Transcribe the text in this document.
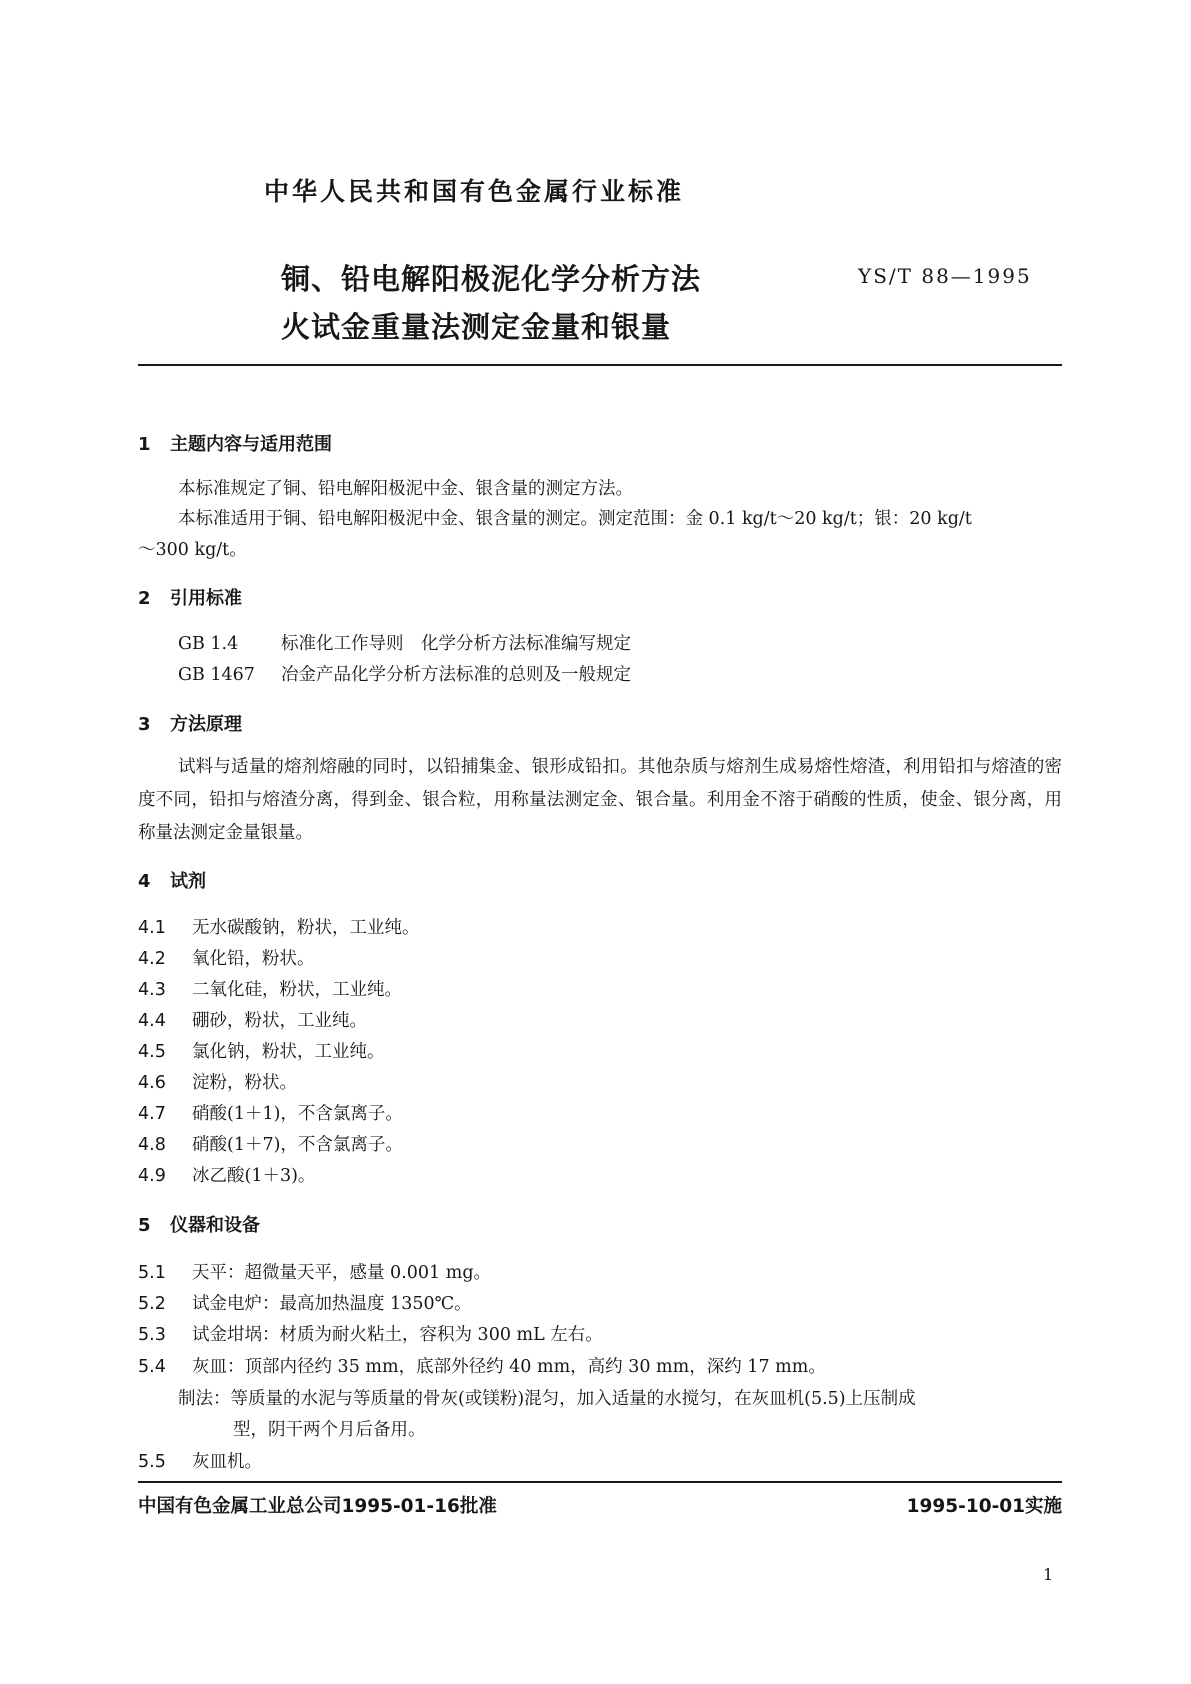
中华人民共和国有色金属行业标准
铜、铅电解阳极泥化学分析方法
火试金重量法测定金量和银量
YS/T 88—1995
1 主题内容与适用范围
本标准规定了铜、铅电解阳极泥中金、银含量的测定方法。
本标准适用于铜、铅电解阳极泥中金、银含量的测定。测定范围：金 0.1 kg/t～20 kg/t；银：20 kg/t
～300 kg/t。
2 引用标准
GB 1.4 标准化工作导则　化学分析方法标准编写规定
GB 1467 冶金产品化学分析方法标准的总则及一般规定
3 方法原理
试料与适量的熔剂熔融的同时，以铅捕集金、银形成铅扣。其他杂质与熔剂生成易熔性熔渣，利用铅扣与熔渣的密度不同，铅扣与熔渣分离，得到金、银合粒，用称量法测定金、银合量。利用金不溶于硝酸的性质，使金、银分离，用称量法测定金量银量。
4 试剂
4.1 无水碳酸钠，粉状，工业纯。
4.2 氧化铅，粉状。
4.3 二氧化硅，粉状，工业纯。
4.4 硼砂，粉状，工业纯。
4.5 氯化钠，粉状，工业纯。
4.6 淀粉，粉状。
4.7 硝酸(1＋1)，不含氯离子。
4.8 硝酸(1＋7)，不含氯离子。
4.9 冰乙酸(1＋3)。
5 仪器和设备
5.1 天平：超微量天平，感量 0.001 mg。
5.2 试金电炉：最高加热温度 1350℃。
5.3 试金坩埚：材质为耐火粘土，容积为 300 mL 左右。
5.4 灰皿：顶部内径约 35 mm，底部外径约 40 mm，高约 30 mm，深约 17 mm。
制法：等质量的水泥与等质量的骨灰(或镁粉)混匀，加入适量的水搅匀，在灰皿机(5.5)上压制成
型，阴干两个月后备用。
5.5 灰皿机。
中国有色金属工业总公司1995-01-16批准	1995-10-01实施
1
